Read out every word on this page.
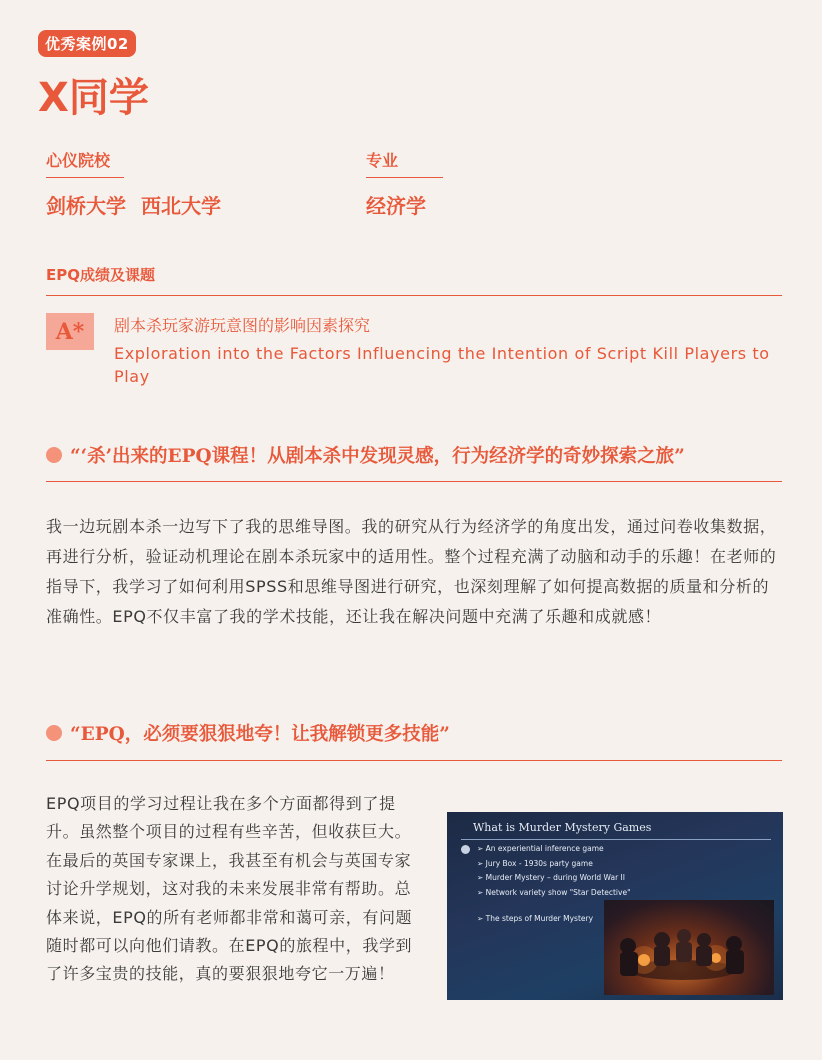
优秀案例02
X同学
心仪院校
剑桥大学 西北大学
专业
经济学
EPQ成绩及课题
A*	剧本杀玩家游玩意图的影响因素探究
Exploration into the Factors Influencing the Intention of Script Kill Players to Play
“‘杀’出来的EPQ课程！从剧本杀中发现灵感，行为经济学的奇妙探索之旅”
我一边玩剧本杀一边写下了我的思维导图。我的研究从行为经济学的角度出发，通过问卷收集数据，再进行分析，验证动机理论在剧本杀玩家中的适用性。整个过程充满了动脑和动手的乐趣！在老师的指导下，我学习了如何利用SPSS和思维导图进行研究，也深刻理解了如何提高数据的质量和分析的准确性。EPQ不仅丰富了我的学术技能，还让我在解决问题中充满了乐趣和成就感！
“EPQ，必须要狠狠地夸！让我解锁更多技能”
EPQ项目的学习过程让我在多个方面都得到了提升。虽然整个项目的过程有些辛苦，但收获巨大。在最后的英国专家课上，我甚至有机会与英国专家讨论升学规划，这对我的未来发展非常有帮助。总体来说，EPQ的所有老师都非常和蔼可亲，有问题随时都可以向他们请教。在EPQ的旅程中，我学到了许多宝贵的技能，真的要狠狠地夸它一万遍！
What is Murder Mystery Games
➢ An experiential inference game
➢ Jury Box - 1930s party game
➢ Murder Mystery – during World War II
➢ Network variety show "Star Detective"
➢ The steps of Murder Mystery
